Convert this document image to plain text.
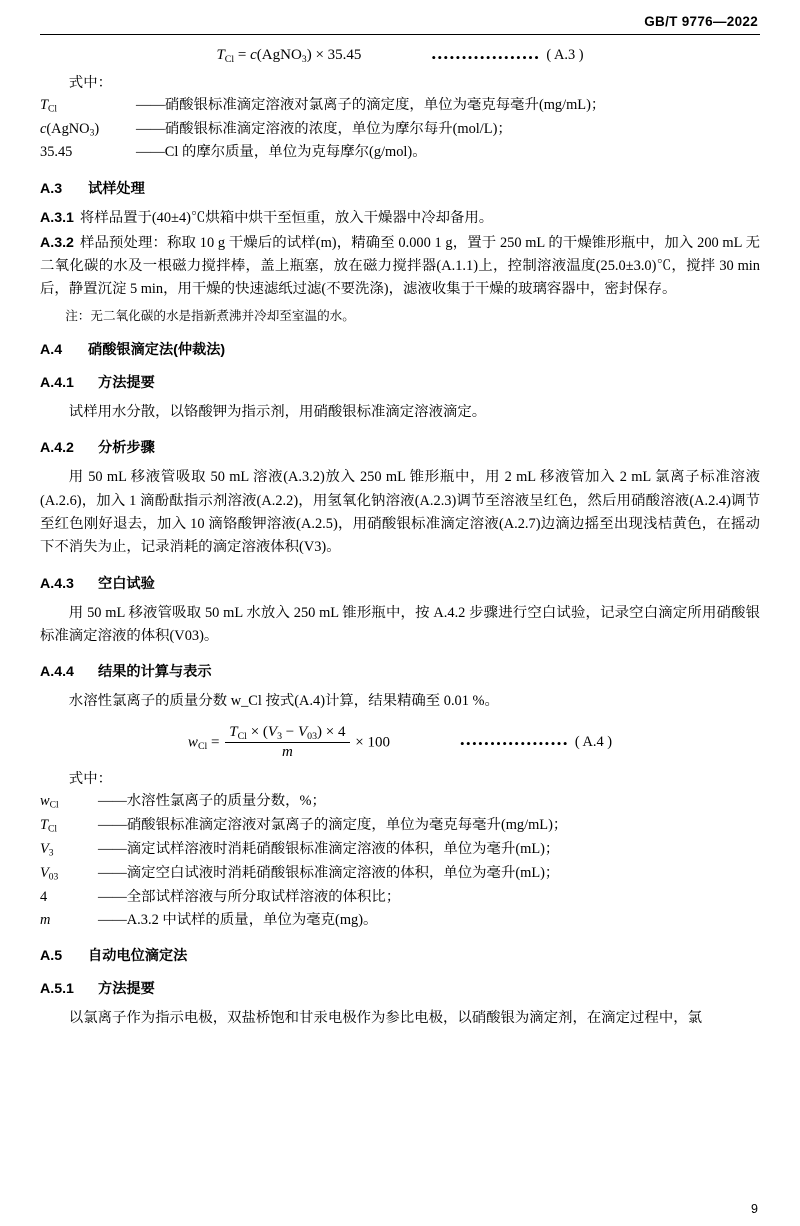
GB/T 9776—2022
$T_{Cl}$ = c(AgNO$_3$) × 35.45	•••••••••••••••••• ( A.3 )
式中：
$T_{Cl}$	—— 硝酸银标准滴定溶液对氯离子的滴定度，单位为毫克每毫升(mg/mL)；
c(AgNO$_3$)	—— 硝酸银标准滴定溶液的浓度，单位为摩尔每升(mol/L)；
35.45	—— Cl 的摩尔质量，单位为克每摩尔(g/mol)。
A.3 试样处理

A.3.1 将样品置于(40±4)℃烘箱中烘干至恒重，放入干燥器中冷却备用。

A.3.2 样品预处理：称取 10 g 干燥后的试样(m)，精确至 0.000 1 g，置于 250 mL 的干燥锥形瓶中，加入 200 mL 无二氧化碳的水及一根磁力搅拌棒，盖上瓶塞，放在磁力搅拌器(A.1.1)上，控制溶液温度(25.0±3.0)℃，搅拌 30 min 后，静置沉淀 5 min，用干燥的快速滤纸过滤(不要洗涤)，滤液收集于干燥的玻璃容器中，密封保存。

注：无二氧化碳的水是指新煮沸并冷却至室温的水。

A.4 硝酸银滴定法(仲裁法)
A.4.1 方法提要

试样用水分散，以铬酸钾为指示剂，用硝酸银标准滴定溶液滴定。

A.4.2 分析步骤

用 50 mL 移液管吸取 50 mL 溶液(A.3.2)放入 250 mL 锥形瓶中，用 2 mL 移液管加入 2 mL 氯离子标准溶液(A.2.6)，加入 1 滴酚酞指示剂溶液(A.2.2)，用氢氧化钠溶液(A.2.3)调节至溶液呈红色，然后用硝酸溶液(A.2.4)调节至红色刚好退去，加入 10 滴铬酸钾溶液(A.2.5)，用硝酸银标准滴定溶液(A.2.7)边滴边摇至出现浅桔黄色，在摇动下不消失为止，记录消耗的滴定溶液体积(V3)。

A.4.3 空白试验

用 50 mL 移液管吸取 50 mL 水放入 250 mL 锥形瓶中，按 A.4.2 步骤进行空白试验，记录空白滴定所用硝酸银标准滴定溶液的体积(V03)。

A.4.4 结果的计算与表示

水溶性氯离子的质量分数 w_Cl 按式(A.4)计算，结果精确至 0.01 %。

$w_{Cl} = \frac{T_{Cl} \times (V_3 - V_{03}) \times 4}{m} \times 100$	•••••••••••••••••• ( A.4 )
式中：
$w_{Cl}$	—— 水溶性氯离子的质量分数，%；
$T_{Cl}$	—— 硝酸银标准滴定溶液对氯离子的滴定度，单位为毫克每毫升(mg/mL)；
$V_3$	—— 滴定试样溶液时消耗硝酸银标准滴定溶液的体积，单位为毫升(mL)；
$V_{03}$	—— 滴定空白试液时消耗硝酸银标准滴定溶液的体积，单位为毫升(mL)；
4	—— 全部试样溶液与所分取试样溶液的体积比；
m	—— A.3.2 中试样的质量，单位为毫克(mg)。
A.5 自动电位滴定法
A.5.1 方法提要

以氯离子作为指示电极，双盐桥饱和甘汞电极作为参比电极，以硝酸银为滴定剂，在滴定过程中，氯

9
